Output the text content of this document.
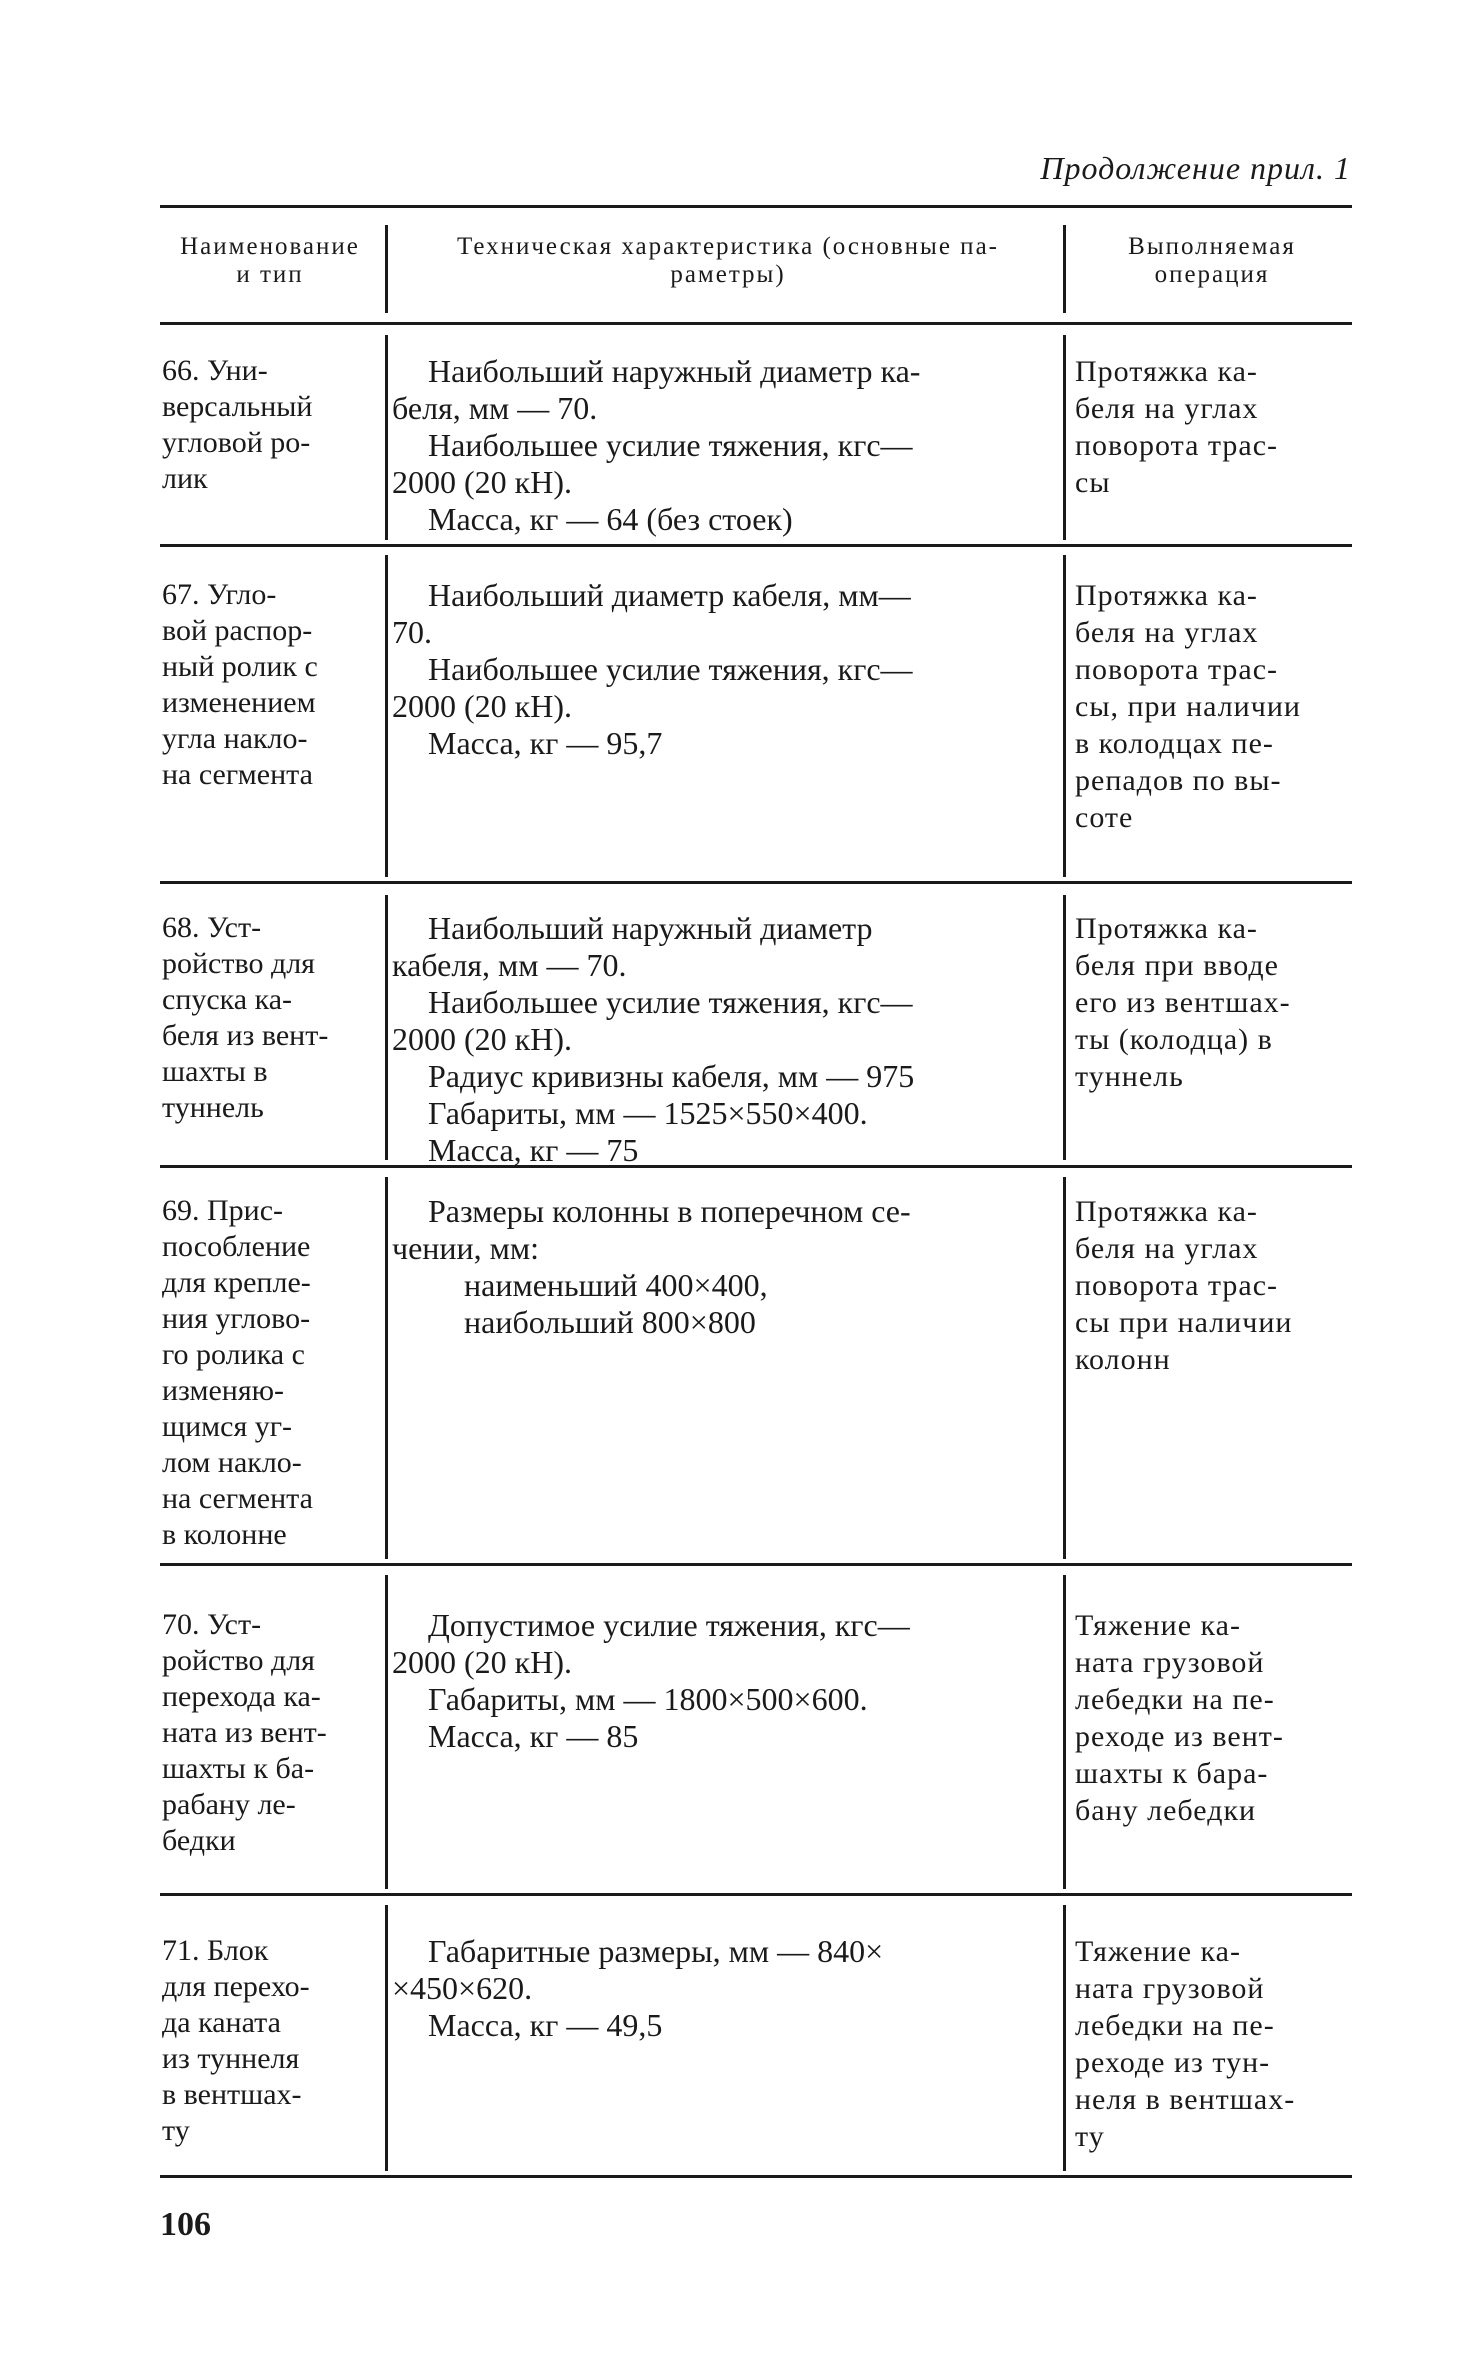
Продолжение прил. 1
Наименование
и тип
Техническая характеристика (основные па-
раметры)
Выполняемая
операция
66. Уни-
версальный
угловой ро-
лик

Наибольший наружный диаметр ка-

беля, мм — 70.

Наибольшее усилие тяжения, кгс—

2000 (20 кН).

Масса, кг — 64 (без стоек)

Протяжка ка-
беля на углах
поворота трас-
сы
67. Угло-
вой распор-
ный ролик с
изменением
угла накло-
на сегмента

Наибольший диаметр кабеля, мм—

70.

Наибольшее усилие тяжения, кгс—

2000 (20 кН).

Масса, кг — 95,7

Протяжка ка-
беля на углах
поворота трас-
сы, при наличии
в колодцах пе-
репадов по вы-
соте
68. Уст-
ройство для
спуска ка-
беля из вент-
шахты в
туннель

Наибольший наружный диаметр

кабеля, мм — 70.

Наибольшее усилие тяжения, кгс—

2000 (20 кН).

Радиус кривизны кабеля, мм — 975

Габариты, мм — 1525×550×400.

Масса, кг — 75

Протяжка ка-
беля при вводе
его из вентшах-
ты (колодца) в
туннель
69. Прис-
пособление
для крепле-
ния углово-
го ролика с
изменяю-
щимся уг-
лом накло-
на сегмента
в колонне

Размеры колонны в поперечном се-

чении, мм:

наименьший 400×400,

наибольший 800×800

Протяжка ка-
беля на углах
поворота трас-
сы при наличии
колонн
70. Уст-
ройство для
перехода ка-
ната из вент-
шахты к ба-
рабану ле-
бедки

Допустимое усилие тяжения, кгс—

2000 (20 кН).

Габариты, мм — 1800×500×600.

Масса, кг — 85

Тяжение ка-
ната грузовой
лебедки на пе-
реходе из вент-
шахты к бара-
бану лебедки
71. Блок
для перехо-
да каната
из туннеля
в вентшах-
ту

Габаритные размеры, мм — 840×

×450×620.

Масса, кг — 49,5

Тяжение ка-
ната грузовой
лебедки на пе-
реходе из тун-
неля в вентшах-
ту
106
